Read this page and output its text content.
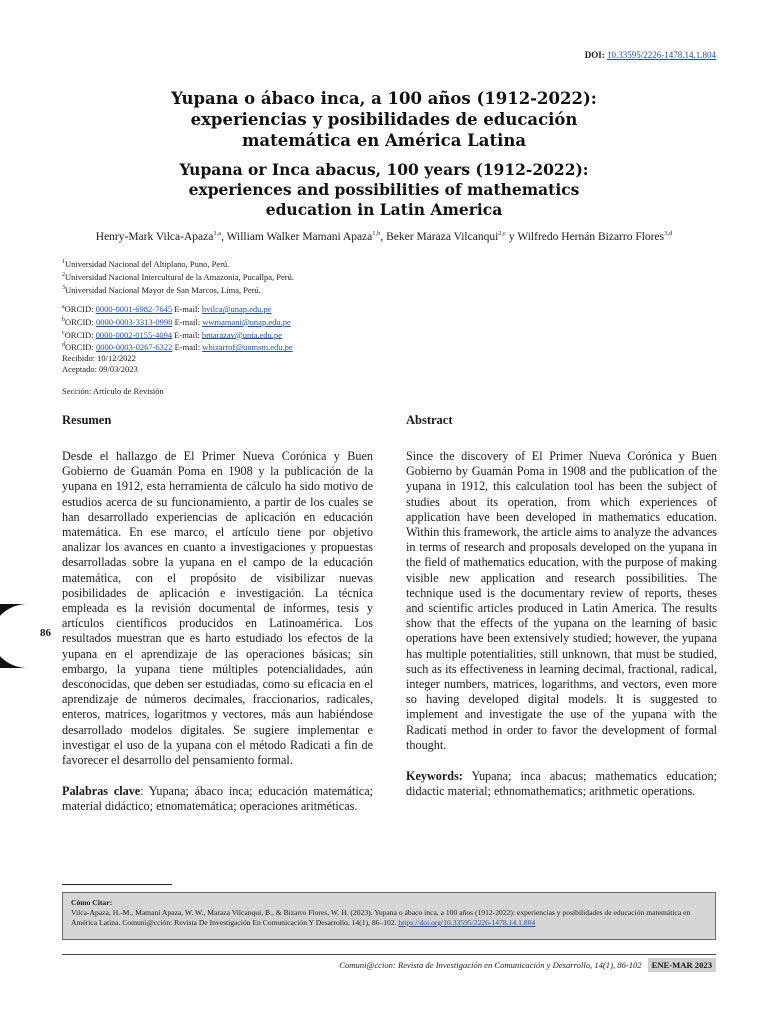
DOI: 10.33595/2226-1478.14.1.804
Yupana o ábaco inca, a 100 años (1912-2022):
experiencias y posibilidades de educación
matemática en América Latina
Yupana or Inca abacus, 100 years (1912-2022):
experiences and possibilities of mathematics
education in Latin America
Henry-Mark Vilca-Apaza$^{1,a}$, William Walker Mamani Apaza$^{1,b}$, Beker Maraza Vilcanqui$^{2,c}$ y Wilfredo Hernán Bizarro Flores$^{3,d}$
$^1$Universidad Nacional del Altiplano, Puno, Perú.
$^2$Universidad Nacional Intercultural de la Amazonia, Pucallpa, Perú.
$^3$Universidad Nacional Mayor de San Marcos, Lima, Perú.
$^a$ORCID: 0000-0001-6982-7645 E-mail: hvilca@unap.edu.pe
$^b$ORCID: 0000-0003-3313-0998 E-mail: wwmamani@unap.edu.pe
$^c$ORCID: 0000-0002-0155-4094 E-mail: bmarazav@unia.edu.pe
$^d$ORCID: 0000-0003-0267-6322 E-mail: wbizarrof@unmsm.edu.pe
Recibido: 10/12/2022
Aceptado: 09/03/2023
Sección: Artículo de Revisión
Resumen

Desde el hallazgo de El Primer Nueva Corónica y Buen Gobierno de Guamán Poma en 1908 y la publicación de la yupana en 1912, esta herramienta de cálculo ha sido motivo de estudios acerca de su funcionamiento, a partir de los cuales se han desarrollado experiencias de aplicación en educación matemática. En ese marco, el artículo tiene por objetivo analizar los avances en cuanto a investigaciones y propuestas desarrolladas sobre la yupana en el campo de la educación matemática, con el propósito de visibilizar nuevas posibilidades de aplicación e investigación. La técnica empleada es la revisión documental de informes, tesis y artículos científicos producidos en Latinoamérica. Los resultados muestran que es harto estudiado los efectos de la yupana en el aprendizaje de las operaciones básicas; sin embargo, la yupana tiene múltiples potencialidades, aún desconocidas, que deben ser estudiadas, como su eficacia en el aprendizaje de números decimales, fraccionarios, radicales, enteros, matrices, logaritmos y vectores, más aun habiéndose desarrollado modelos digitales. Se sugiere implementar e investigar el uso de la yupana con el método Radicati a fin de favorecer el desarrollo del pensamiento formal.

Palabras clave: Yupana; ábaco inca; educación matemática; material didáctico; etnomatemática; operaciones aritméticas.

Abstract

Since the discovery of El Primer Nueva Corónica y Buen Gobierno by Guamán Poma in 1908 and the publication of the yupana in 1912, this calculation tool has been the subject of studies about its operation, from which experiences of application have been developed in mathematics education. Within this framework, the article aims to analyze the advances in terms of research and proposals developed on the yupana in the field of mathematics education, with the purpose of making visible new application and research possibilities. The technique used is the documentary review of reports, theses and scientific articles produced in Latin America. The results show that the effects of the yupana on the learning of basic operations have been extensively studied; however, the yupana has multiple potentialities, still unknown, that must be studied, such as its effectiveness in learning decimal, fractional, radical, integer numbers, matrices, logarithms, and vectors, even more so having developed digital models. It is suggested to implement and investigate the use of the yupana with the Radicati method in order to favor the development of formal thought.

Keywords: Yupana; inca abacus; mathematics education; didactic material; ethnomathematics; arithmetic operations.

86
Cómo Citar:
Vilca-Apaza, H.-M., Mamani Apaza, W. W., Maraza Vilcanqui, B., & Bizarro Flores, W. H. (2023). Yupana o ábaco inca, a 100 años (1912-2022): experiencias y posibilidades de educación matemática en América Latina. Comuni@cción: Revista De Investigación En Comunicación Y Desarrollo, 14(1), 86–102. https://doi.org/10.33595/2226-1478.14.1.804
Comuni@ccion: Revista de Investigación en Comunicación y Desarrollo, 14(1), 86-102	ENE-MAR 2023
